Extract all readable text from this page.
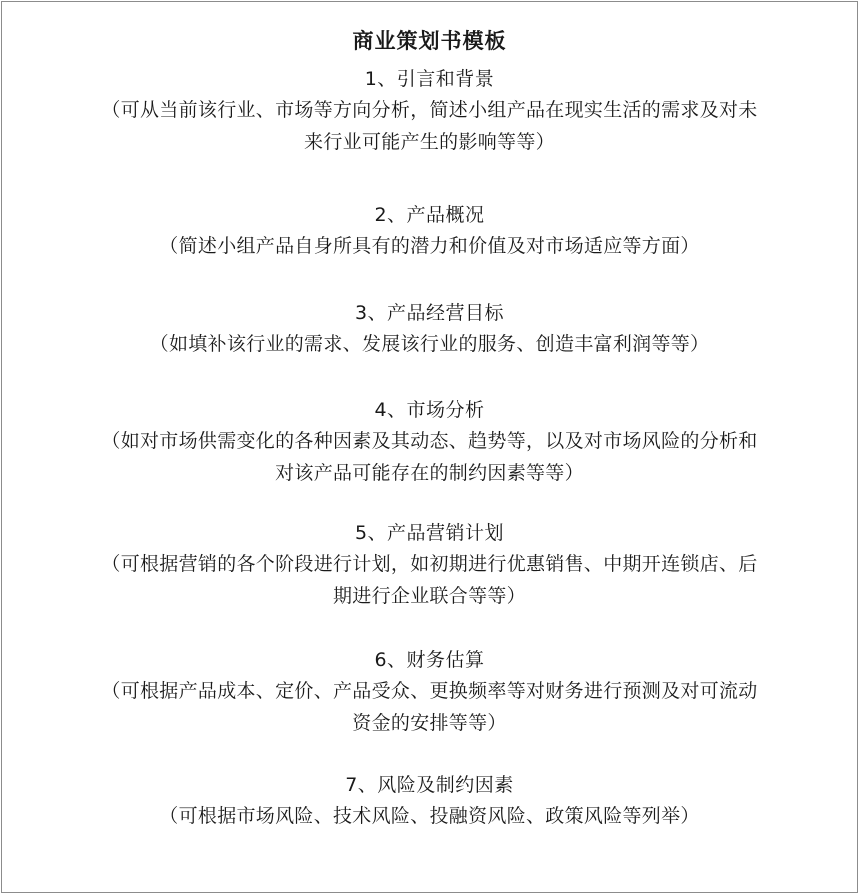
商业策划书模板
1、引言和背景
（可从当前该行业、市场等方向分析，简述小组产品在现实生活的需求及对未
来行业可能产生的影响等等）
2、产品概况
（简述小组产品自身所具有的潜力和价值及对市场适应等方面）
3、产品经营目标
（如填补该行业的需求、发展该行业的服务、创造丰富利润等等）
4、市场分析
（如对市场供需变化的各种因素及其动态、趋势等，以及对市场风险的分析和
对该产品可能存在的制约因素等等）
5、产品营销计划
（可根据营销的各个阶段进行计划，如初期进行优惠销售、中期开连锁店、后
期进行企业联合等等）
6、财务估算
（可根据产品成本、定价、产品受众、更换频率等对财务进行预测及对可流动
资金的安排等等）
7、风险及制约因素
（可根据市场风险、技术风险、投融资风险、政策风险等列举）
